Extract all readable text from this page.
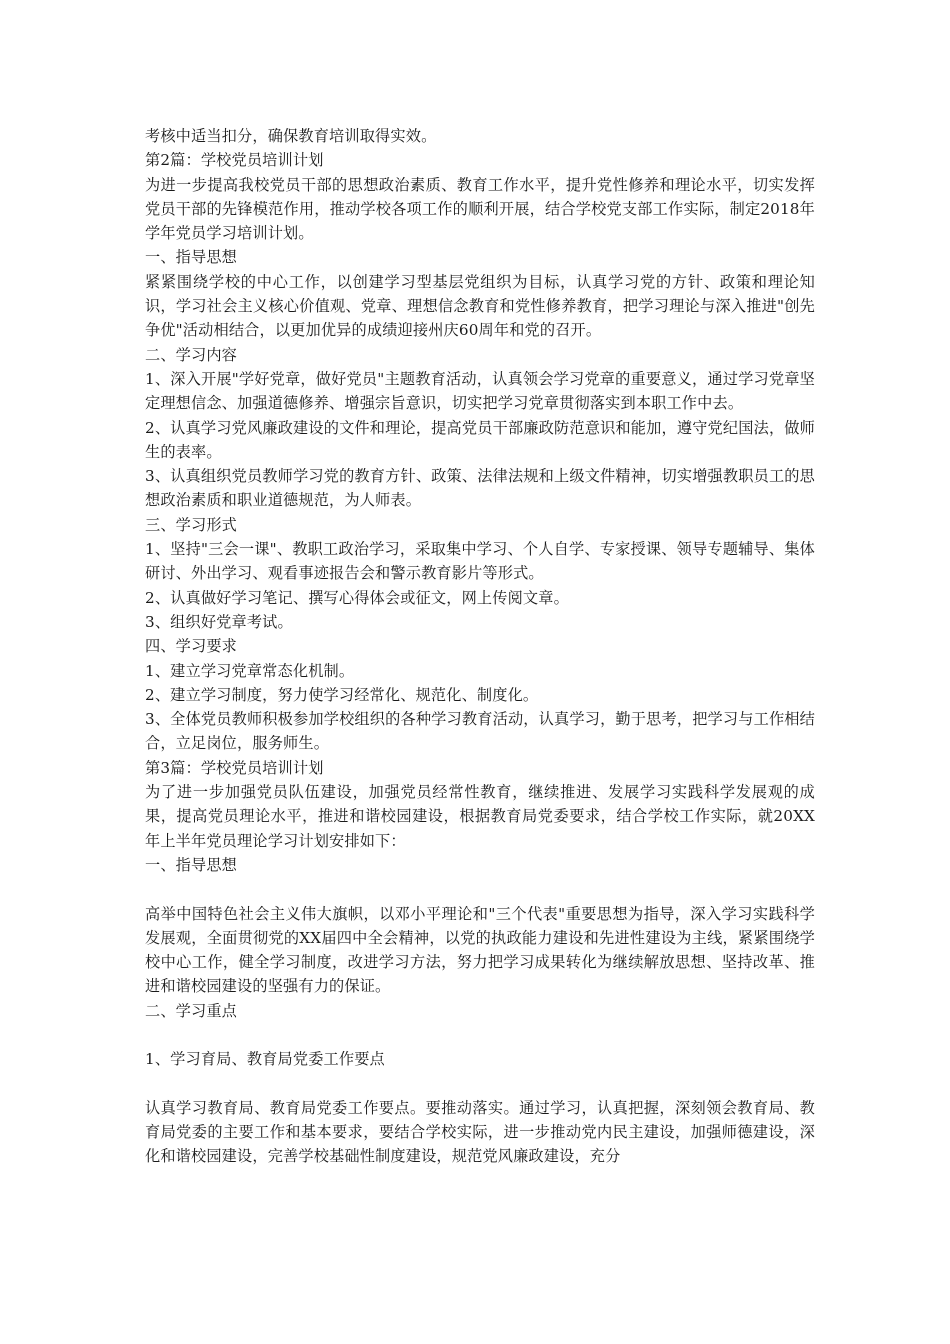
考核中适当扣分，确保教育培训取得实效。

第2篇：学校党员培训计划

为进一步提高我校党员干部的思想政治素质、教育工作水平，提升党性修养和理论水平，切实发挥党员干部的先锋模范作用，推动学校各项工作的顺利开展，结合学校党支部工作实际，制定2018年学年党员学习培训计划。

一、指导思想

紧紧围绕学校的中心工作，以创建学习型基层党组织为目标，认真学习党的方针、政策和理论知识，学习社会主义核心价值观、党章、理想信念教育和党性修养教育，把学习理论与深入推进"创先争优"活动相结合，以更加优异的成绩迎接州庆60周年和党的召开。

二、学习内容

1、深入开展"学好党章，做好党员"主题教育活动，认真领会学习党章的重要意义，通过学习党章坚定理想信念、加强道德修养、增强宗旨意识，切实把学习党章贯彻落实到本职工作中去。

2、认真学习党风廉政建设的文件和理论，提高党员干部廉政防范意识和能加，遵守党纪国法，做师生的表率。

3、认真组织党员教师学习党的教育方针、政策、法律法规和上级文件精神，切实增强教职员工的思想政治素质和职业道德规范，为人师表。

三、学习形式

1、坚持"三会一课"、教职工政治学习，采取集中学习、个人自学、专家授课、领导专题辅导、集体研讨、外出学习、观看事迹报告会和警示教育影片等形式。

2、认真做好学习笔记、撰写心得体会或征文，网上传阅文章。

3、组织好党章考试。

四、学习要求

1、建立学习党章常态化机制。

2、建立学习制度，努力使学习经常化、规范化、制度化。

3、全体党员教师积极参加学校组织的各种学习教育活动，认真学习，勤于思考，把学习与工作相结合，立足岗位，服务师生。

第3篇：学校党员培训计划

为了进一步加强党员队伍建设，加强党员经常性教育，继续推进、发展学习实践科学发展观的成果，提高党员理论水平，推进和谐校园建设，根据教育局党委要求，结合学校工作实际，就20XX年上半年党员理论学习计划安排如下：

一、指导思想

高举中国特色社会主义伟大旗帜，以邓小平理论和"三个代表"重要思想为指导，深入学习实践科学发展观，全面贯彻党的XX届四中全会精神，以党的执政能力建设和先进性建设为主线，紧紧围绕学校中心工作，健全学习制度，改进学习方法，努力把学习成果转化为继续解放思想、坚持改革、推进和谐校园建设的坚强有力的保证。

二、学习重点

1、学习育局、教育局党委工作要点

认真学习教育局、教育局党委工作要点。要推动落实。通过学习，认真把握，深刻领会教育局、教育局党委的主要工作和基本要求，要结合学校实际，进一步推动党内民主建设，加强师德建设，深化和谐校园建设，完善学校基础性制度建设，规范党风廉政建设，充分
